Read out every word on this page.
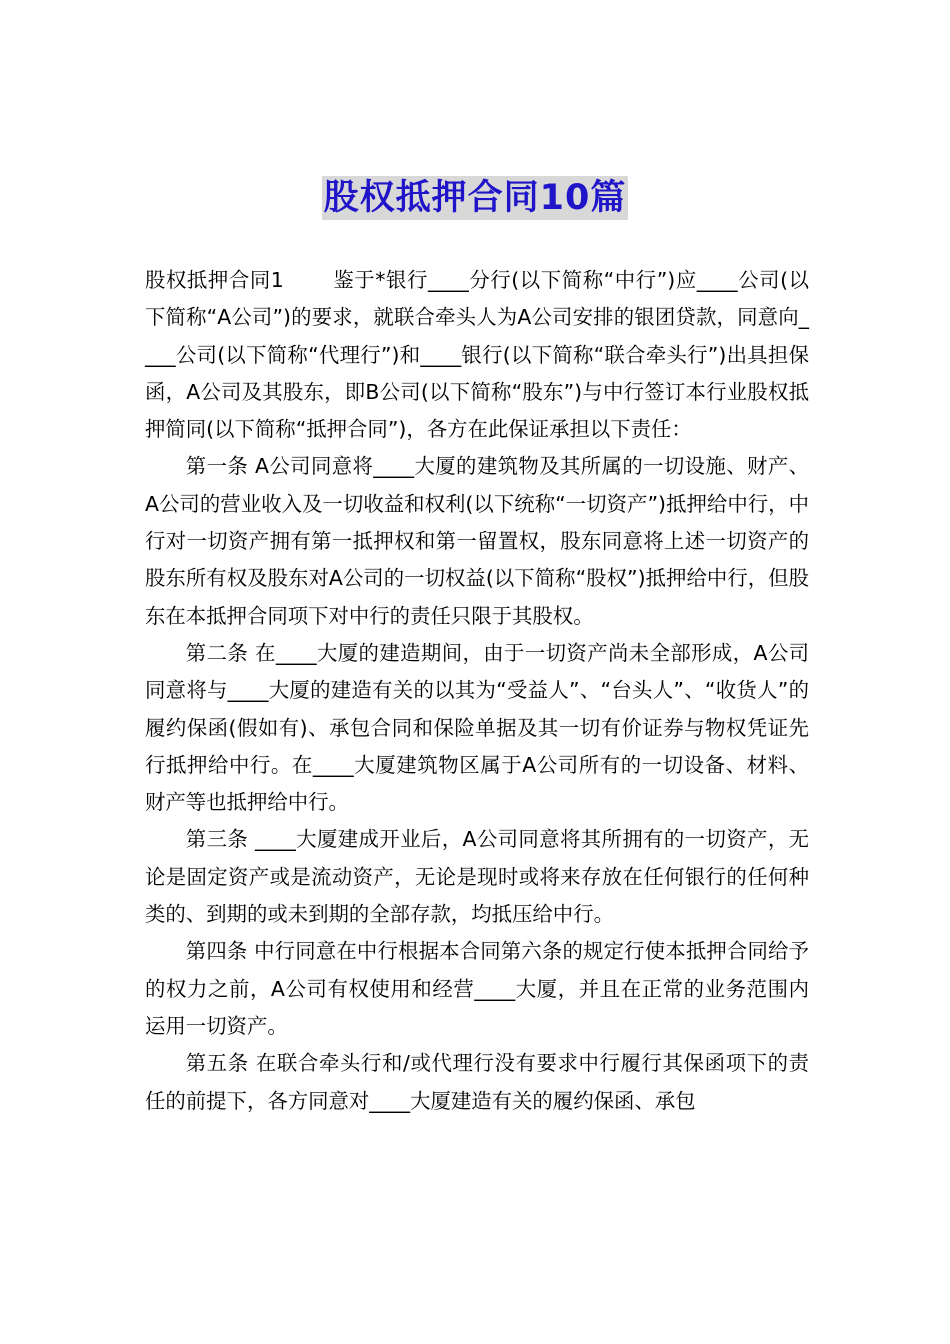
股权抵押合同10篇

股权抵押合同1　　 鉴于*银行____分行(以下简称“中行”)应____公司(以下简称“A公司”)的要求，就联合牵头人为A公司安排的银团贷款，同意向____公司(以下简称“代理行”)和____银行(以下简称“联合牵头行”)出具担保函，A公司及其股东，即B公司(以下简称“股东”)与中行签订本行业股权抵押简同(以下简称“抵押合同”)，各方在此保证承担以下责任：

第一条 A公司同意将____大厦的建筑物及其所属的一切设施、财产、A公司的营业收入及一切收益和权利(以下统称“一切资产”)抵押给中行，中行对一切资产拥有第一抵押权和第一留置权，股东同意将上述一切资产的股东所有权及股东对A公司的一切权益(以下简称“股权”)抵押给中行，但股东在本抵押合同项下对中行的责任只限于其股权。

第二条 在____大厦的建造期间，由于一切资产尚未全部形成，A公司同意将与____大厦的建造有关的以其为“受益人”、“台头人”、“收货人”的履约保函(假如有)、承包合同和保险单据及其一切有价证券与物权凭证先行抵押给中行。在____大厦建筑物区属于A公司所有的一切设备、材料、财产等也抵押给中行。

第三条 ____大厦建成开业后，A公司同意将其所拥有的一切资产，无论是固定资产或是流动资产，无论是现时或将来存放在任何银行的任何种类的、到期的或未到期的全部存款，均抵压给中行。

第四条 中行同意在中行根据本合同第六条的规定行使本抵押合同给予的权力之前，A公司有权使用和经营____大厦，并且在正常的业务范围内运用一切资产。

第五条 在联合牵头行和/或代理行没有要求中行履行其保函项下的责任的前提下，各方同意对____大厦建造有关的履约保函、承包
